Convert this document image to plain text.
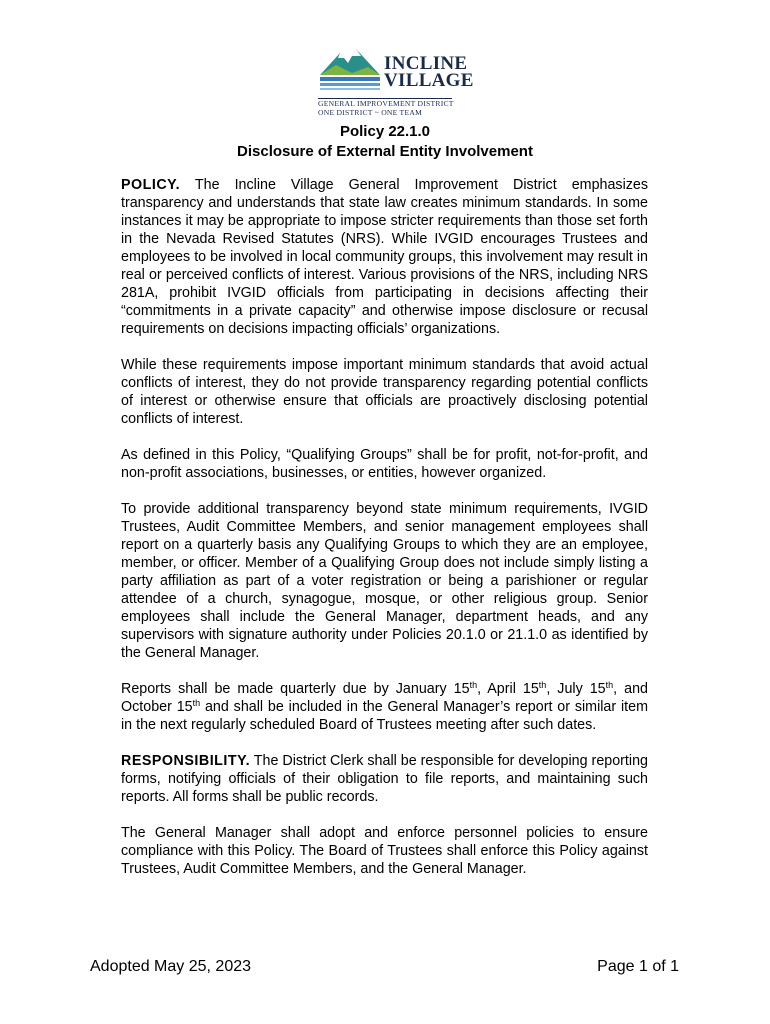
INCLINE
VILLAGE
GENERAL IMPROVEMENT DISTRICT
ONE DISTRICT ~ ONE TEAM
Policy 22.1.0
Disclosure of External Entity Involvement

POLICY. The Incline Village General Improvement District emphasizes transparency and understands that state law creates minimum standards. In some instances it may be appropriate to impose stricter requirements than those set forth in the Nevada Revised Statutes (NRS). While IVGID encourages Trustees and employees to be involved in local community groups, this involvement may result in real or perceived conflicts of interest. Various provisions of the NRS, including NRS 281A, prohibit IVGID officials from participating in decisions affecting their “commitments in a private capacity” and otherwise impose disclosure or recusal requirements on decisions impacting officials’ organizations.

While these requirements impose important minimum standards that avoid actual conflicts of interest, they do not provide transparency regarding potential conflicts of interest or otherwise ensure that officials are proactively disclosing potential conflicts of interest.

As defined in this Policy, “Qualifying Groups” shall be for profit, not-for-profit, and non-profit associations, businesses, or entities, however organized.

To provide additional transparency beyond state minimum requirements, IVGID Trustees, Audit Committee Members, and senior management employees shall report on a quarterly basis any Qualifying Groups to which they are an employee, member, or officer. Member of a Qualifying Group does not include simply listing a party affiliation as part of a voter registration or being a parishioner or regular attendee of a church, synagogue, mosque, or other religious group. Senior employees shall include the General Manager, department heads, and any supervisors with signature authority under Policies 20.1.0 or 21.1.0 as identified by the General Manager.

Reports shall be made quarterly due by January 15th, April 15th, July 15th, and October 15th and shall be included in the General Manager’s report or similar item in the next regularly scheduled Board of Trustees meeting after such dates.

RESPONSIBILITY. The District Clerk shall be responsible for developing reporting forms, notifying officials of their obligation to file reports, and maintaining such reports. All forms shall be public records.

The General Manager shall adopt and enforce personnel policies to ensure compliance with this Policy. The Board of Trustees shall enforce this Policy against Trustees, Audit Committee Members, and the General Manager.

Adopted May 25, 2023	Page 1 of 1
